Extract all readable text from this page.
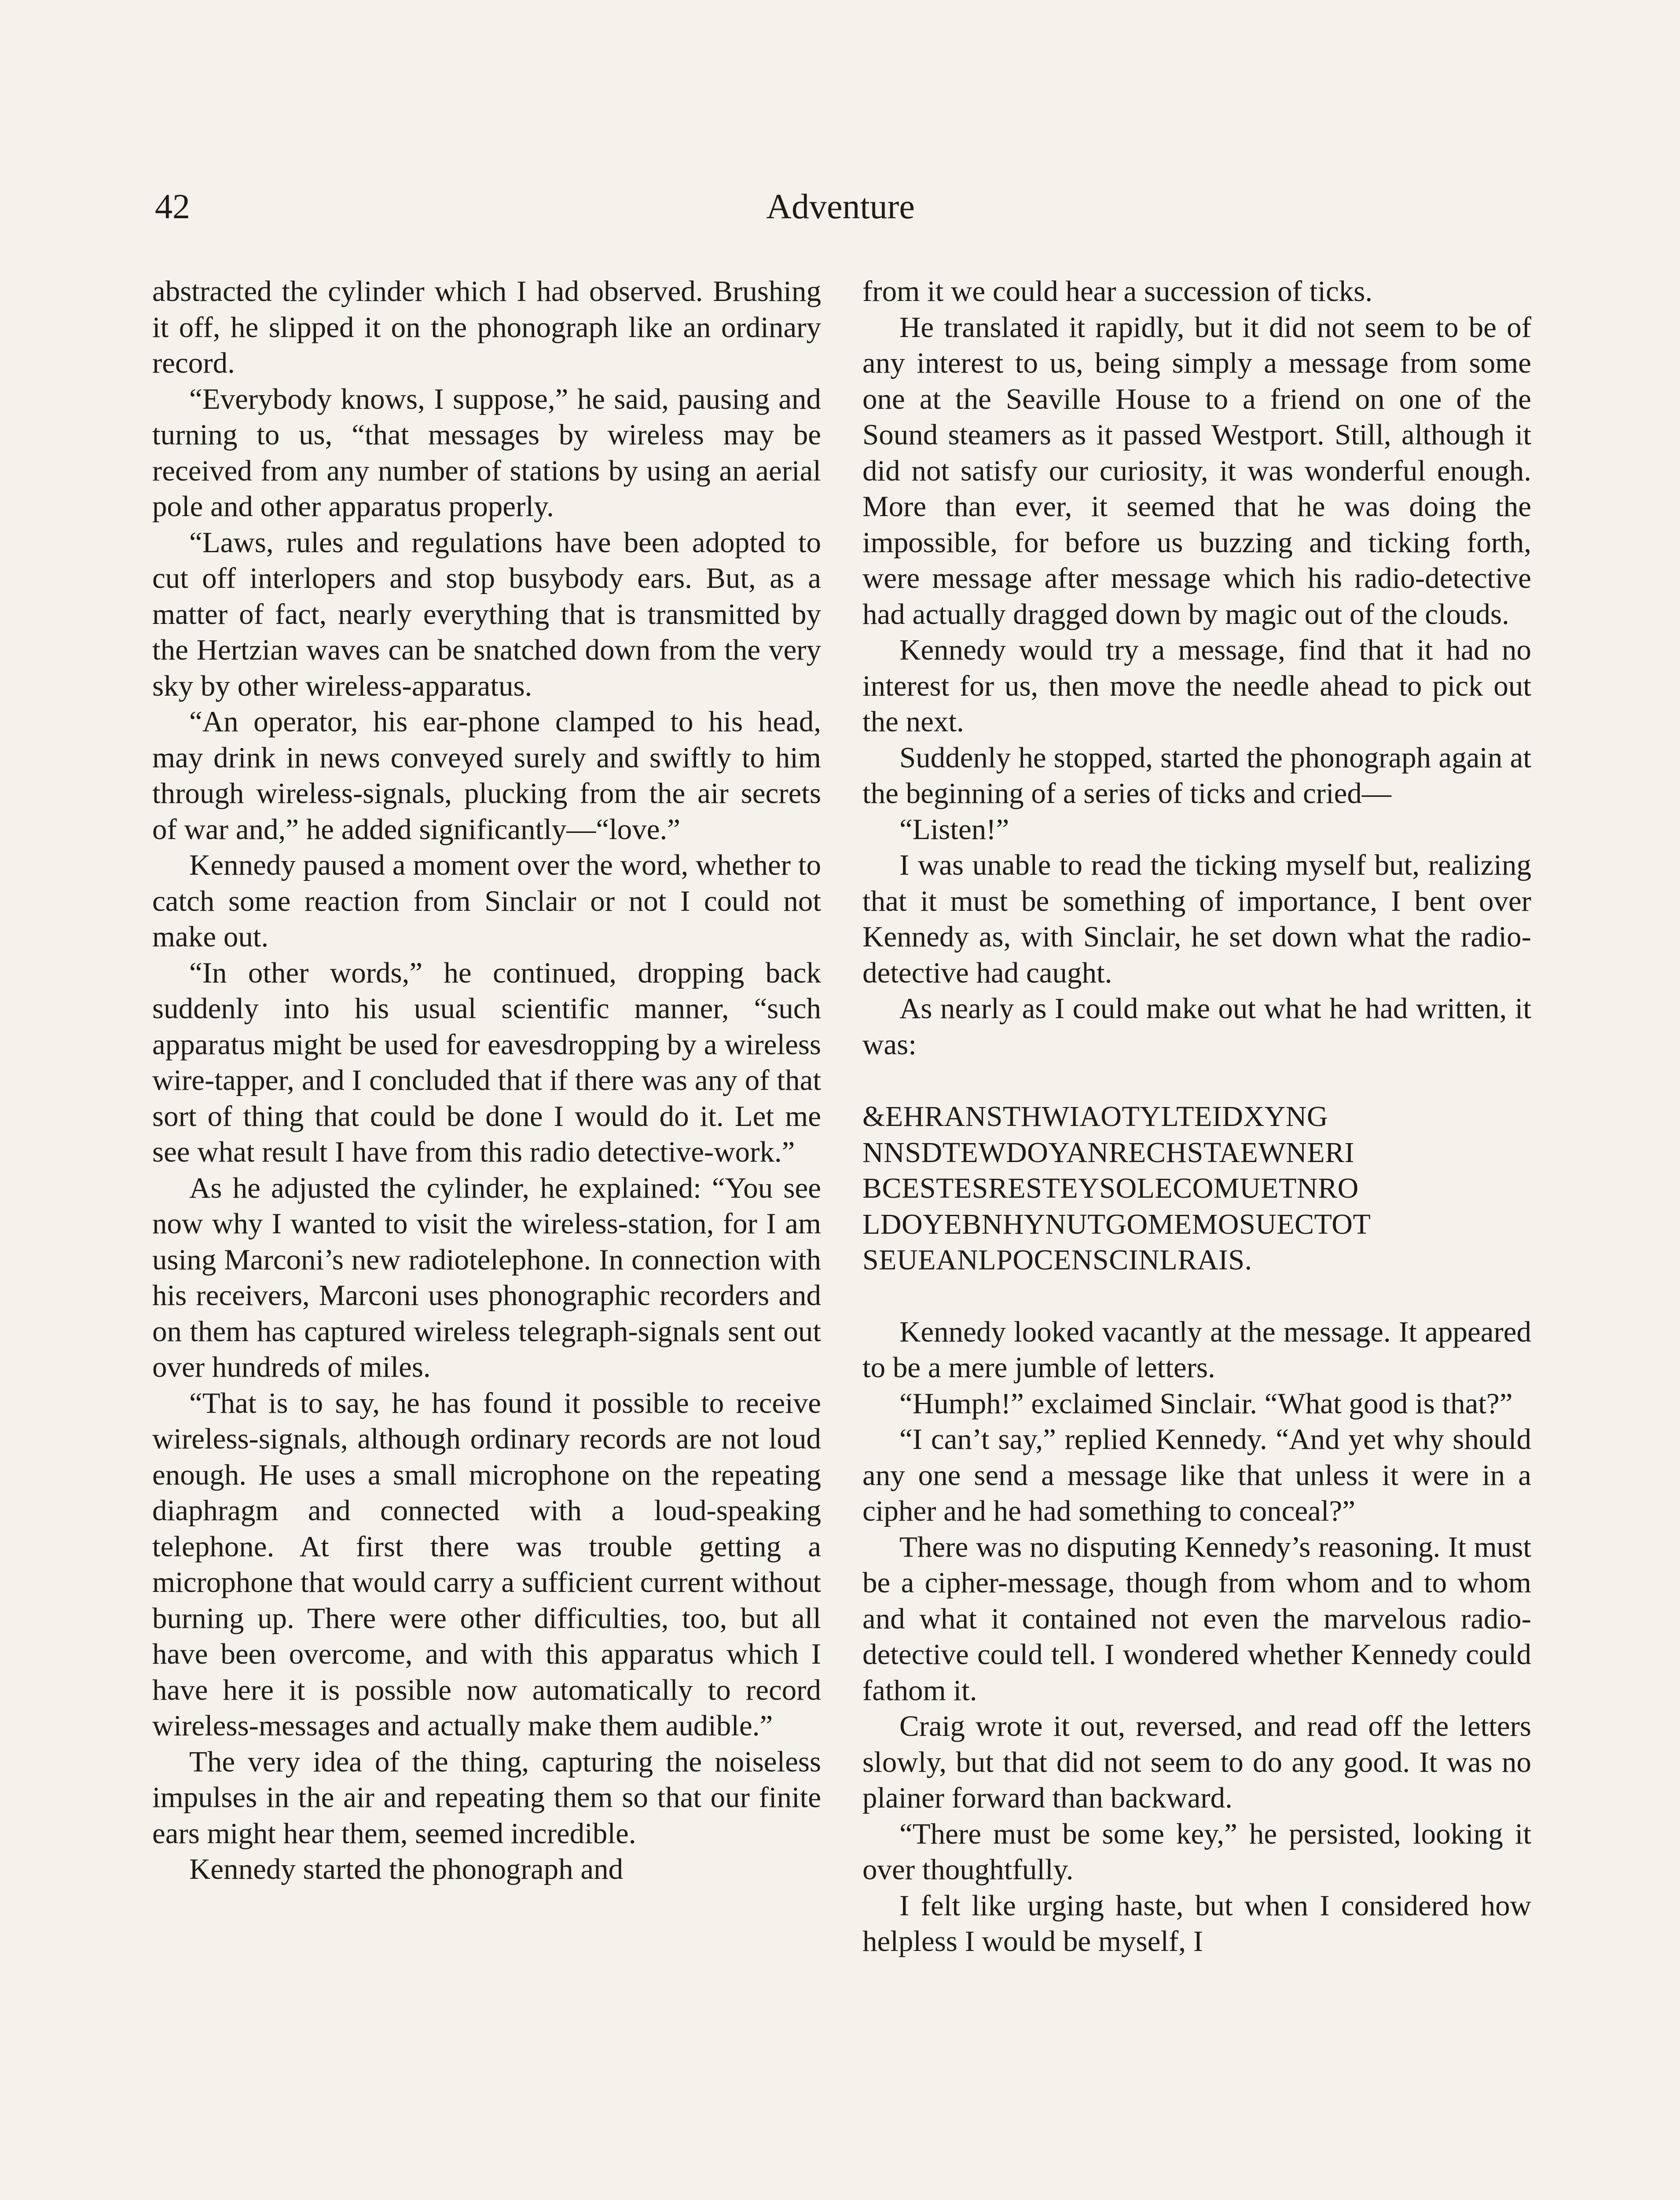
42	Adventure

abstracted the cylinder which I had observed. Brushing it off, he slipped it on the phonograph like an ordinary record.

“Everybody knows, I suppose,” he said, pausing and turning to us, “that messages by wireless may be received from any number of stations by using an aerial pole and other apparatus properly.

“Laws, rules and regulations have been adopted to cut off interlopers and stop busybody ears. But, as a matter of fact, nearly everything that is transmitted by the Hertzian waves can be snatched down from the very sky by other wireless-apparatus.

“An operator, his ear-phone clamped to his head, may drink in news conveyed surely and swiftly to him through wireless-signals, plucking from the air secrets of war and,” he added significantly—“love.”

Kennedy paused a moment over the word, whether to catch some reaction from Sinclair or not I could not make out.

“In other words,” he continued, dropping back suddenly into his usual scientific manner, “such apparatus might be used for eavesdropping by a wireless wire-tapper, and I concluded that if there was any of that sort of thing that could be done I would do it. Let me see what result I have from this radio detective-work.”

As he adjusted the cylinder, he explained: “You see now why I wanted to visit the wireless-station, for I am using Marconi’s new radiotelephone. In connection with his receivers, Marconi uses phonographic recorders and on them has captured wireless telegraph-signals sent out over hundreds of miles.

“That is to say, he has found it possible to receive wireless-signals, although ordinary records are not loud enough. He uses a small microphone on the repeating diaphragm and connected with a loud-speaking telephone. At first there was trouble getting a microphone that would carry a sufficient current without burning up. There were other difficulties, too, but all have been overcome, and with this apparatus which I have here it is possible now automatically to record wireless-messages and actually make them audible.”

The very idea of the thing, capturing the noiseless impulses in the air and repeating them so that our finite ears might hear them, seemed incredible.

Kennedy started the phonograph and

from it we could hear a succession of ticks.

He translated it rapidly, but it did not seem to be of any interest to us, being simply a message from some one at the Seaville House to a friend on one of the Sound steamers as it passed Westport. Still, although it did not satisfy our curiosity, it was wonderful enough. More than ever, it seemed that he was doing the impossible, for before us buzzing and ticking forth, were message after message which his radio-detective had actually dragged down by magic out of the clouds.

Kennedy would try a message, find that it had no interest for us, then move the needle ahead to pick out the next.

Suddenly he stopped, started the phonograph again at the beginning of a series of ticks and cried—

“Listen!”

I was unable to read the ticking myself but, realizing that it must be something of importance, I bent over Kennedy as, with Sinclair, he set down what the radio-detective had caught.

As nearly as I could make out what he had written, it was:

&EHRANSTHWIAOTYLTEIDXYNG
NNSDTEWDOYANRECHSTAEWNERI
BCESTESRESTEYSOLECOMUETNRO
LDOYEBNHYNUTGOMEMOSUECTOT
SEUEANLPOCENSCINLRAIS.

Kennedy looked vacantly at the message. It appeared to be a mere jumble of letters.

“Humph!” exclaimed Sinclair. “What good is that?”

“I can’t say,” replied Kennedy. “And yet why should any one send a message like that unless it were in a cipher and he had something to conceal?”

There was no disputing Kennedy’s reasoning. It must be a cipher-message, though from whom and to whom and what it contained not even the marvelous radio-detective could tell. I wondered whether Kennedy could fathom it.

Craig wrote it out, reversed, and read off the letters slowly, but that did not seem to do any good. It was no plainer forward than backward.

“There must be some key,” he persisted, looking it over thoughtfully.

I felt like urging haste, but when I considered how helpless I would be myself, I
